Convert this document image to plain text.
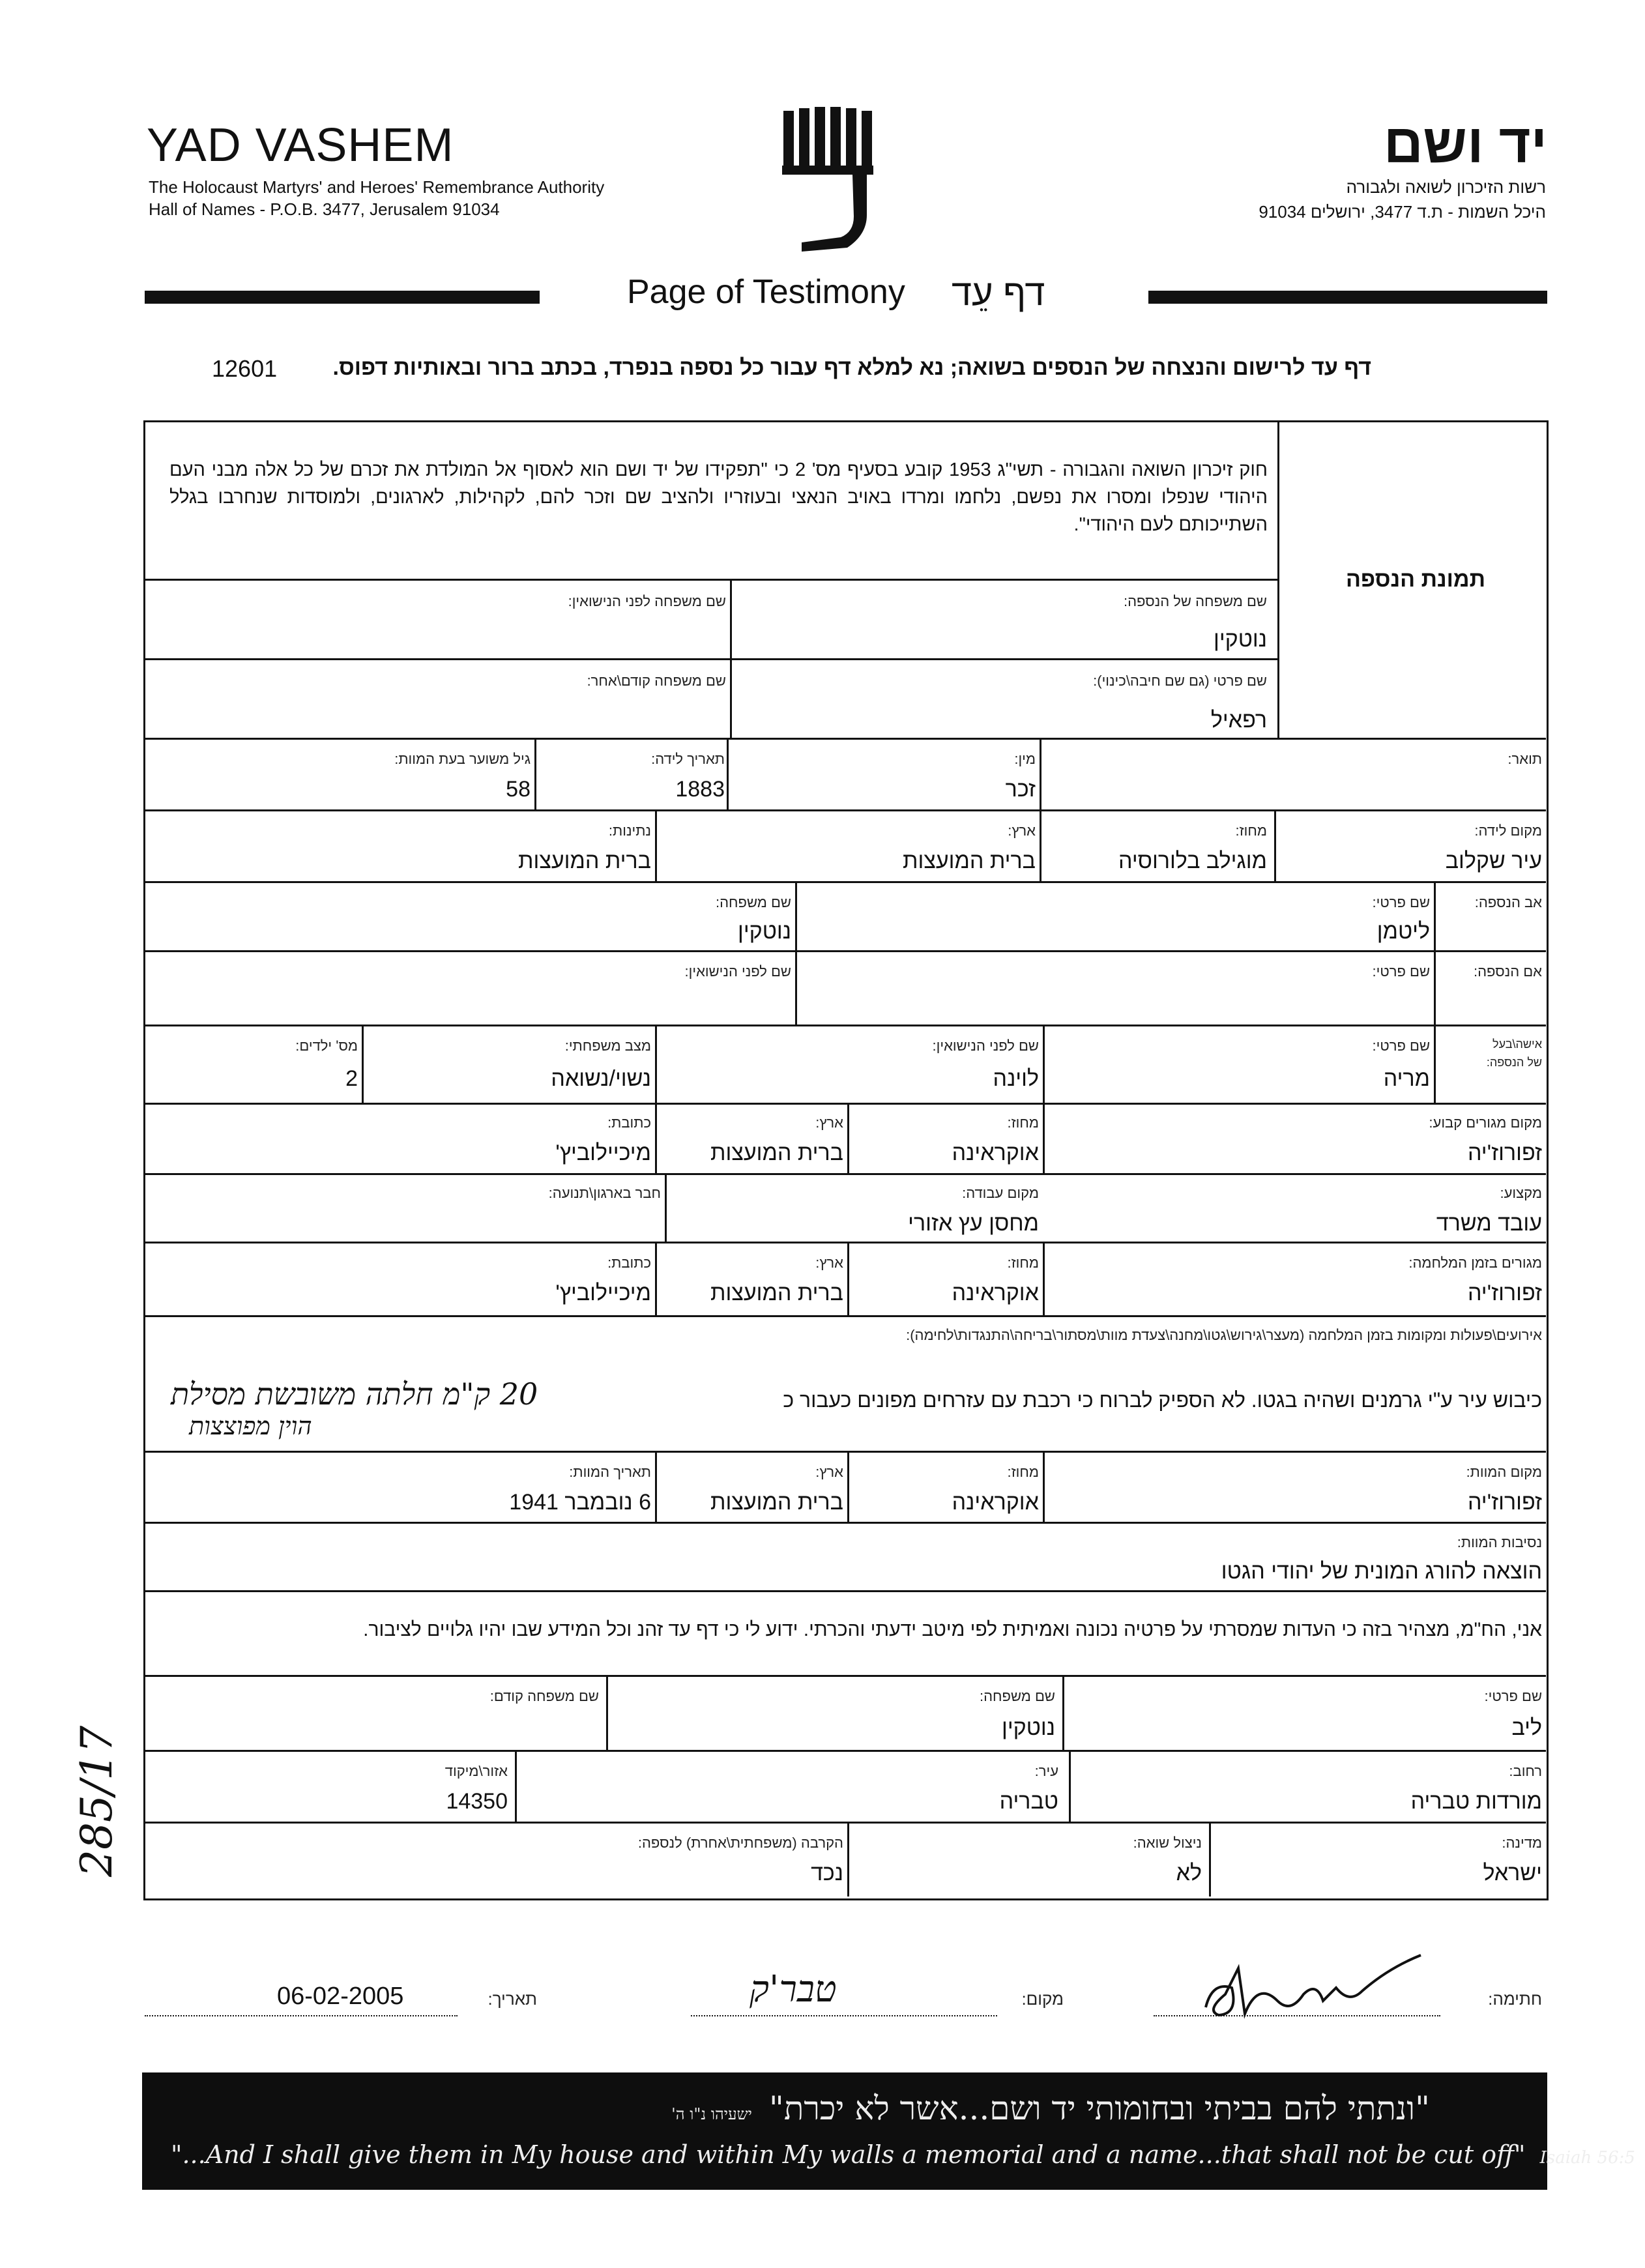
YAD VASHEM
The Holocaust Martyrs' and Heroes' Remembrance Authority
Hall of Names - P.O.B. 3477, Jerusalem 91034
יד ושם
רשות הזיכרון לשואה ולגבורה
היכל השמות - ת.ד 3477, ירושלים 91034
Page of Testimony דף עֵד
דף עד לרישום והנצחה של הנספים בשואה; נא למלא דף עבור כל נספה בנפרד, בכתב ברור ובאותיות דפוס.
12601
חוק זיכרון השואה והגבורה - תשי"ג 1953 קובע בסעיף מס' 2 כי "תפקידו של יד ושם הוא לאסוף אל המולדת את זכרם של כל אלה מבני העם היהודי שנפלו ומסרו את נפשם, נלחמו ומרדו באויב הנאצי ובעוזריו ולהציב שם וזכר להם, לקהילות, לארגונים, ולמוסדות שנחרבו בגלל השתייכותם לעם היהודי".
תמונת הנספה
שם משפחה של הנספה:
נוטקין
שם משפחה לפני הנישואין:
שם פרטי (גם שם חיבה\כינוי):
רפאיל
שם משפחה קודם\אחר:
תואר:
מין:
זכר
תאריך לידה:
1883
גיל משוער בעת המוות:
58
מקום לידה:
עיר שקלוב
מחוז:
מוגילב בלורוסיה
ארץ:
ברית המועצות
נתינות:
ברית המועצות
אב הנספה:
שם פרטי:
ליטמן
שם משפחה:
נוטקין
אם הנספה:
שם פרטי:
שם לפני הנישואין:
אישה\בעל
של הנספה:
שם פרטי:
מריה
שם לפני הנישואין:
לוינה
מצב משפחתי:
נשוי/נשואה
מס' ילדים:
2
מקום מגורים קבוע:
זפורוז'יה
מחוז:
אוקראינה
ארץ:
ברית המועצות
כתובת:
מיכיילוביץ'
מקצוע:
עובד משרד
מקום עבודה:
מחסן עץ אזורי
חבר בארגון\תנועה:
מגורים בזמן המלחמה:
זפורוז'יה
מחוז:
אוקראינה
ארץ:
ברית המועצות
כתובת:
מיכיילוביץ'
אירועים\פעולות ומקומות בזמן המלחמה (מעצר\גירוש\גטו\מחנה\צעדת מוות\מסתור\בריחה\התנגדות\לחימה):
כיבוש עיר ע"י גרמנים ושהיה בגטו. לא הספיק לברוח כי רכבת עם עזרחים מפונים כעבור כ
20 ק"מ חלתה משובשת מסילת
הוין מפוצצות
מקום המוות:
זפורוז'יה
מחוז:
אוקראינה
ארץ:
ברית המועצות
תאריך המוות:
6 נובמבר 1941
נסיבות המוות:
הוצאה להורג המונית של יהודי הגטו
אני, הח"מ, מצהיר בזה כי העדות שמסרתי על פרטיה נכונה ואמיתית לפי מיטב ידעתי והכרתי. ידוע לי כי דף עד זהנ וכל המידע שבו יהיו גלויים לציבור.
שם פרטי:
ליב
שם משפחה:
נוטקין
שם משפחה קודם:
רחוב:
מורדות טבריה
עיר:
טבריה
אזור\מיקוד
14350
מדינה:
ישראל
ניצול שואה:
לא
הקרבה (משפחתית\אחרת) לנספה:
נכד
חתימה:
מקום:
טבר'ק
תאריך:
06-02-2005
285/17
"ונתתי להם בביתי ובחומותי יד ושם...אשר לא יכרת" ישעיהו נ"ו ה'
"...And I shall give them in My house and within My walls a memorial and a name...that shall not be cut off" Isaiah 56:5
